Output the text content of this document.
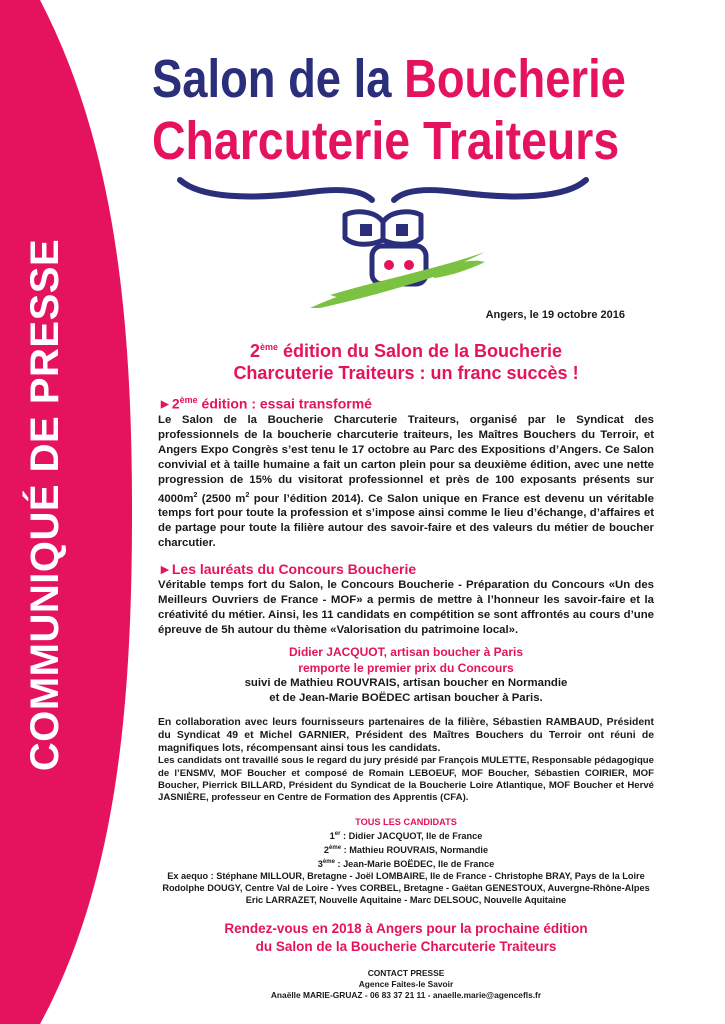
COMMUNIQUÉ DE PRESSE
Salon de la Boucherie
Charcuterie Traiteurs
Angers, le 19 octobre 2016
2ème édition du Salon de la Boucherie
Charcuterie Traiteurs : un franc succès !
►2ème édition : essai transformé

Le Salon de la Boucherie Charcuterie Traiteurs, organisé par le Syndicat des professionnels de la boucherie charcuterie traiteurs, les Maîtres Bouchers du Terroir, et Angers Expo Congrès s’est tenu le 17 octobre au Parc des Expositions d’Angers. Ce Salon convivial et à taille humaine a fait un carton plein pour sa deuxième édition, avec une nette progression de 15% du visitorat professionnel et près de 100 exposants présents sur $4000m^2$ (2500 $m^2$ pour l’édition 2014). Ce Salon unique en France est devenu un véritable temps fort pour toute la profession et s’impose ainsi comme le lieu d’échange, d’affaires et de partage pour toute la filière autour des savoir-faire et des valeurs du métier de boucher charcutier.

►Les lauréats du Concours Boucherie

Véritable temps fort du Salon, le Concours Boucherie - Préparation du Concours «Un des Meilleurs Ouvriers de France - MOF» a permis de mettre à l’honneur les savoir-faire et la créativité du métier. Ainsi, les 11 candidats en compétition se sont affrontés au cours d’une épreuve de 5h autour du thème «Valorisation du patrimoine local».

Didier JACQUOT, artisan boucher à Paris
remporte le premier prix du Concours
suivi de Mathieu ROUVRAIS, artisan boucher en Normandie
et de Jean-Marie BOËDEC artisan boucher à Paris.

En collaboration avec leurs fournisseurs partenaires de la filière, Sébastien RAMBAUD, Président du Syndicat 49 et Michel GARNIER, Président des Maîtres Bouchers du Terroir ont réuni de magnifiques lots, récompensant ainsi tous les candidats.

Les candidats ont travaillé sous le regard du jury présidé par François MULETTE, Responsable pédagogique de l’ENSMV, MOF Boucher et composé de Romain LEBOEUF, MOF Boucher, Sébastien COIRIER, MOF Boucher, Pierrick BILLARD, Président du Syndicat de la Boucherie Loire Atlantique, MOF Boucher et Hervé JASNIÈRE, professeur en Centre de Formation des Apprentis (CFA).

TOUS LES CANDIDATS
1er : Didier JACQUOT, Ile de France
2ème : Mathieu ROUVRAIS, Normandie
3ème : Jean-Marie BOËDEC, Ile de France
Ex aequo : Stéphane MILLOUR, Bretagne - Joël LOMBAIRE, Ile de France - Christophe BRAY, Pays de la Loire
Rodolphe DOUGY, Centre Val de Loire - Yves CORBEL, Bretagne - Gaëtan GENESTOUX, Auvergne-Rhône-Alpes
Eric LARRAZET, Nouvelle Aquitaine - Marc DELSOUC, Nouvelle Aquitaine
Rendez-vous en 2018 à Angers pour la prochaine édition
du Salon de la Boucherie Charcuterie Traiteurs
CONTACT PRESSE
Agence Faites-le Savoir
Anaëlle MARIE-GRUAZ - 06 83 37 21 11 - anaelle.marie@agencefls.fr
